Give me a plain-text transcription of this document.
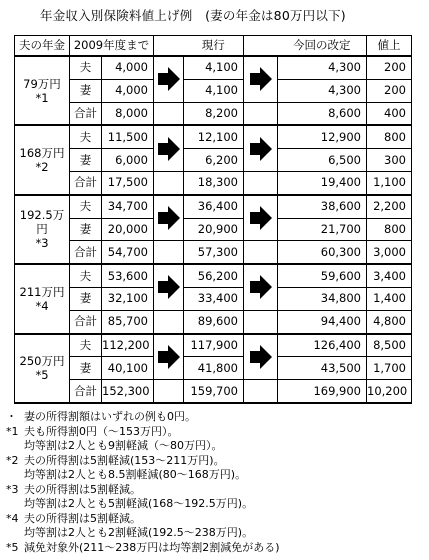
年金収入別保険料値上げ例　(妻の年金は80万円以下)
夫の年金	2009年度まで			現行		今回の改定	値上

79万円
*1	夫	4,000		4,100		4,300	200
	妻	4,000		4,100		4,300	200
	合計	8,000		8,200		8,600	400

168万円
*2	夫	11,500		12,100		12,900	800
	妻	6,000		6,200		6,500	300
	合計	17,500		18,300		19,400	1,100

192.5万
円
*3	夫	34,700		36,400		38,600	2,200
	妻	20,000		20,900		21,700	800
	合計	54,700		57,300		60,300	3,000

211万円
*4	夫	53,600		56,200		59,600	3,400
	妻	32,100		33,400		34,800	1,400
	合計	85,700		89,600		94,400	4,800

250万円
*5	夫	112,200		117,900		126,400	8,500
	妻	40,100		41,800		43,500	1,700
	合計	152,300		159,700		169,900	10,200
・ 妻の所得割額はいずれの例も0円。
*1 夫も所得割0円（～153万円）。
均等割は2人とも9割軽減（～80万円）。
*2 夫の所得割は5割軽減(153～211万円)。
均等割は2人とも8.5割軽減(80～168万円)。
*3 夫の所得割は5割軽減。
均等割は2人とも5割軽減(168～192.5万円)。
*4 夫の所得割は5割軽減。
均等割は2人とも2割軽減(192.5～238万円)。
*5 減免対象外(211～238万円は均等割2割減免がある)
